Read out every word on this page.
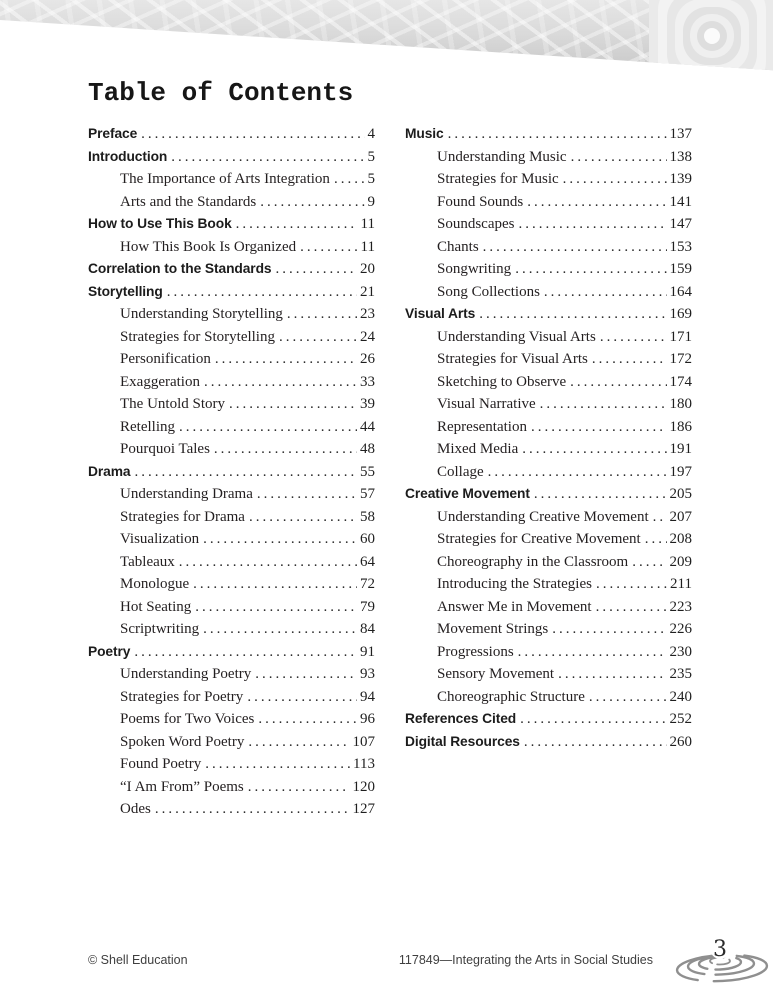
Table of Contents
Preface .....	4
Introduction .....	5
The Importance of Arts Integration .....	5
Arts and the Standards .....	9
How to Use This Book .....	11
How This Book Is Organized .....	11
Correlation to the Standards .....	20
Storytelling .....	21
Understanding Storytelling .....	23
Strategies for Storytelling .....	24
Personification .....	26
Exaggeration .....	33
The Untold Story .....	39
Retelling .....	44
Pourquoi Tales .....	48
Drama .....	55
Understanding Drama .....	57
Strategies for Drama .....	58
Visualization .....	60
Tableaux .....	64
Monologue .....	72
Hot Seating .....	79
Scriptwriting .....	84
Poetry .....	91
Understanding Poetry .....	93
Strategies for Poetry .....	94
Poems for Two Voices .....	96
Spoken Word Poetry .....	107
Found Poetry .....	113
“I Am From” Poems .....	120
Odes .....	127
Music .....	137
Understanding Music .....	138
Strategies for Music .....	139
Found Sounds .....	141
Soundscapes .....	147
Chants .....	153
Songwriting .....	159
Song Collections .....	164
Visual Arts .....	169
Understanding Visual Arts .....	171
Strategies for Visual Arts .....	172
Sketching to Observe .....	174
Visual Narrative .....	180
Representation .....	186
Mixed Media .....	191
Collage .....	197
Creative Movement .....	205
Understanding Creative Movement ..... 207
Strategies for Creative Movement ..... 208
Choreography in the Classroom .....	209
Introducing the Strategies .....	211
Answer Me in Movement .....	223
Movement Strings .....	226
Progressions .....	230
Sensory Movement .....	235
Choreographic Structure .....	240
References Cited .....	252
Digital Resources .....	260
© Shell Education	117849—Integrating the Arts in Social Studies	3
